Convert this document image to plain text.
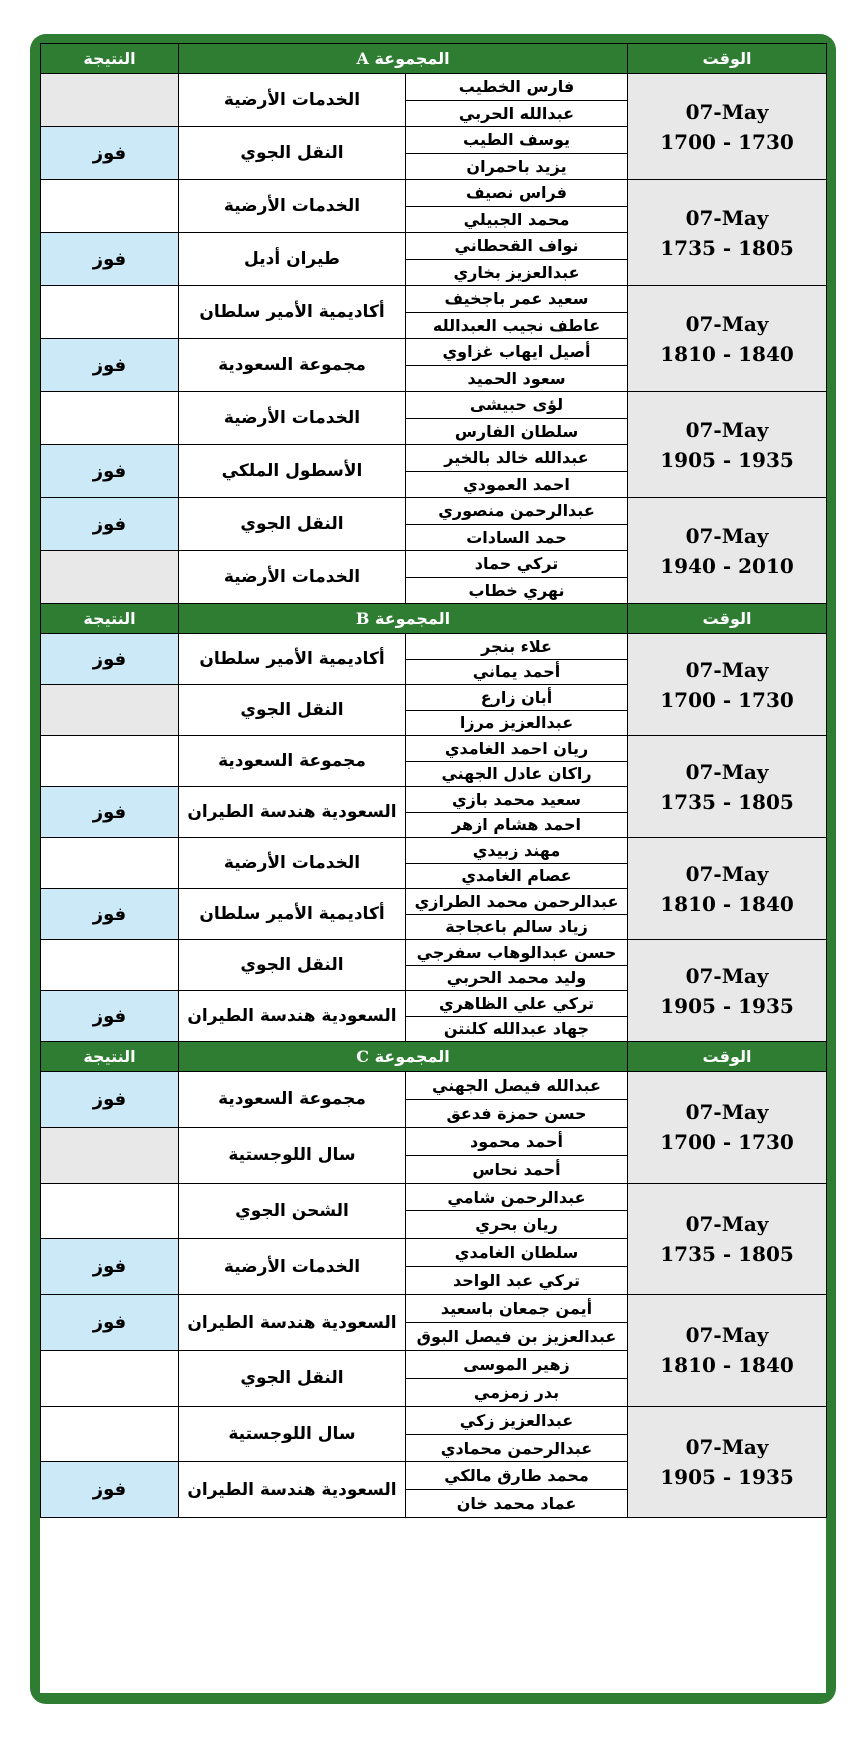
النتيجة	المجموعة A		الوقت
	الخدمات الأرضية	فارس الخطيب	07-May
1700 - 1730

		عبدالله الحربي	
فوز	النقل الجوي	يوسف الطيب	
		يزيد باحمران	
	الخدمات الأرضية	فراس نصيف	07-May
1735 - 1805

		محمد الجبيلي	
فوز	طيران أديل	نواف القحطاني	
		عبدالعزيز بخاري	
	أكاديمية الأمير سلطان	سعيد عمر باجخيف	07-May
1810 - 1840

		عاطف نجيب العبدالله	
فوز	مجموعة السعودية	أصيل ايهاب غزاوي	
		سعود الحميد	
	الخدمات الأرضية	لؤى حبيشى	07-May
1905 - 1935

		سلطان الفارس	
فوز	الأسطول الملكي	عبدالله خالد بالخير	
		احمد العمودي	
فوز	النقل الجوي	عبدالرحمن منصوري	07-May
1940 - 2010

		حمد السادات	
	الخدمات الأرضية	تركي حماد	
		نهري خطاب	
النتيجة	المجموعة B		الوقت
فوز	أكاديمية الأمير سلطان	علاء بنجر	07-May
1700 - 1730

		أحمد يماني	
	النقل الجوي	أبان زارع	
		عبدالعزيز مرزا	
	مجموعة السعودية	ريان احمد الغامدي	07-May
1735 - 1805

		راكان عادل الجهني	
فوز	السعودية هندسة الطيران	سعيد محمد بازي	
		احمد هشام ازهر	
	الخدمات الأرضية	مهند زبيدي	07-May
1810 - 1840

		عصام الغامدي	
فوز	أكاديمية الأمير سلطان	عبدالرحمن محمد الطرازي	
		زياد سالم باعجاجة	
	النقل الجوي	حسن عبدالوهاب سفرجي	07-May
1905 - 1935

		وليد محمد الحربي	
فوز	السعودية هندسة الطيران	تركي علي الظاهري	
		جهاد عبدالله كلنتن	
النتيجة	المجموعة C		الوقت
فوز	مجموعة السعودية	عبدالله فيصل الجهني	07-May
1700 - 1730

		حسن حمزة فدعق	
	سال اللوجستية	أحمد محمود	
		أحمد نحاس	
	الشحن الجوي	عبدالرحمن شامي	07-May
1735 - 1805

		ريان بحري	
فوز	الخدمات الأرضية	سلطان الغامدي	
		تركي عبد الواحد	
فوز	السعودية هندسة الطيران	أيمن جمعان باسعيد	07-May
1810 - 1840

		عبدالعزيز بن فيصل البوق	
	النقل الجوي	زهير الموسى	
		بدر زمزمي	
	سال اللوجستية	عبدالعزيز زكي	07-May
1905 - 1935

		عبدالرحمن محمادي	
فوز	السعودية هندسة الطيران	محمد طارق مالكي	
		عماد محمد خان	
